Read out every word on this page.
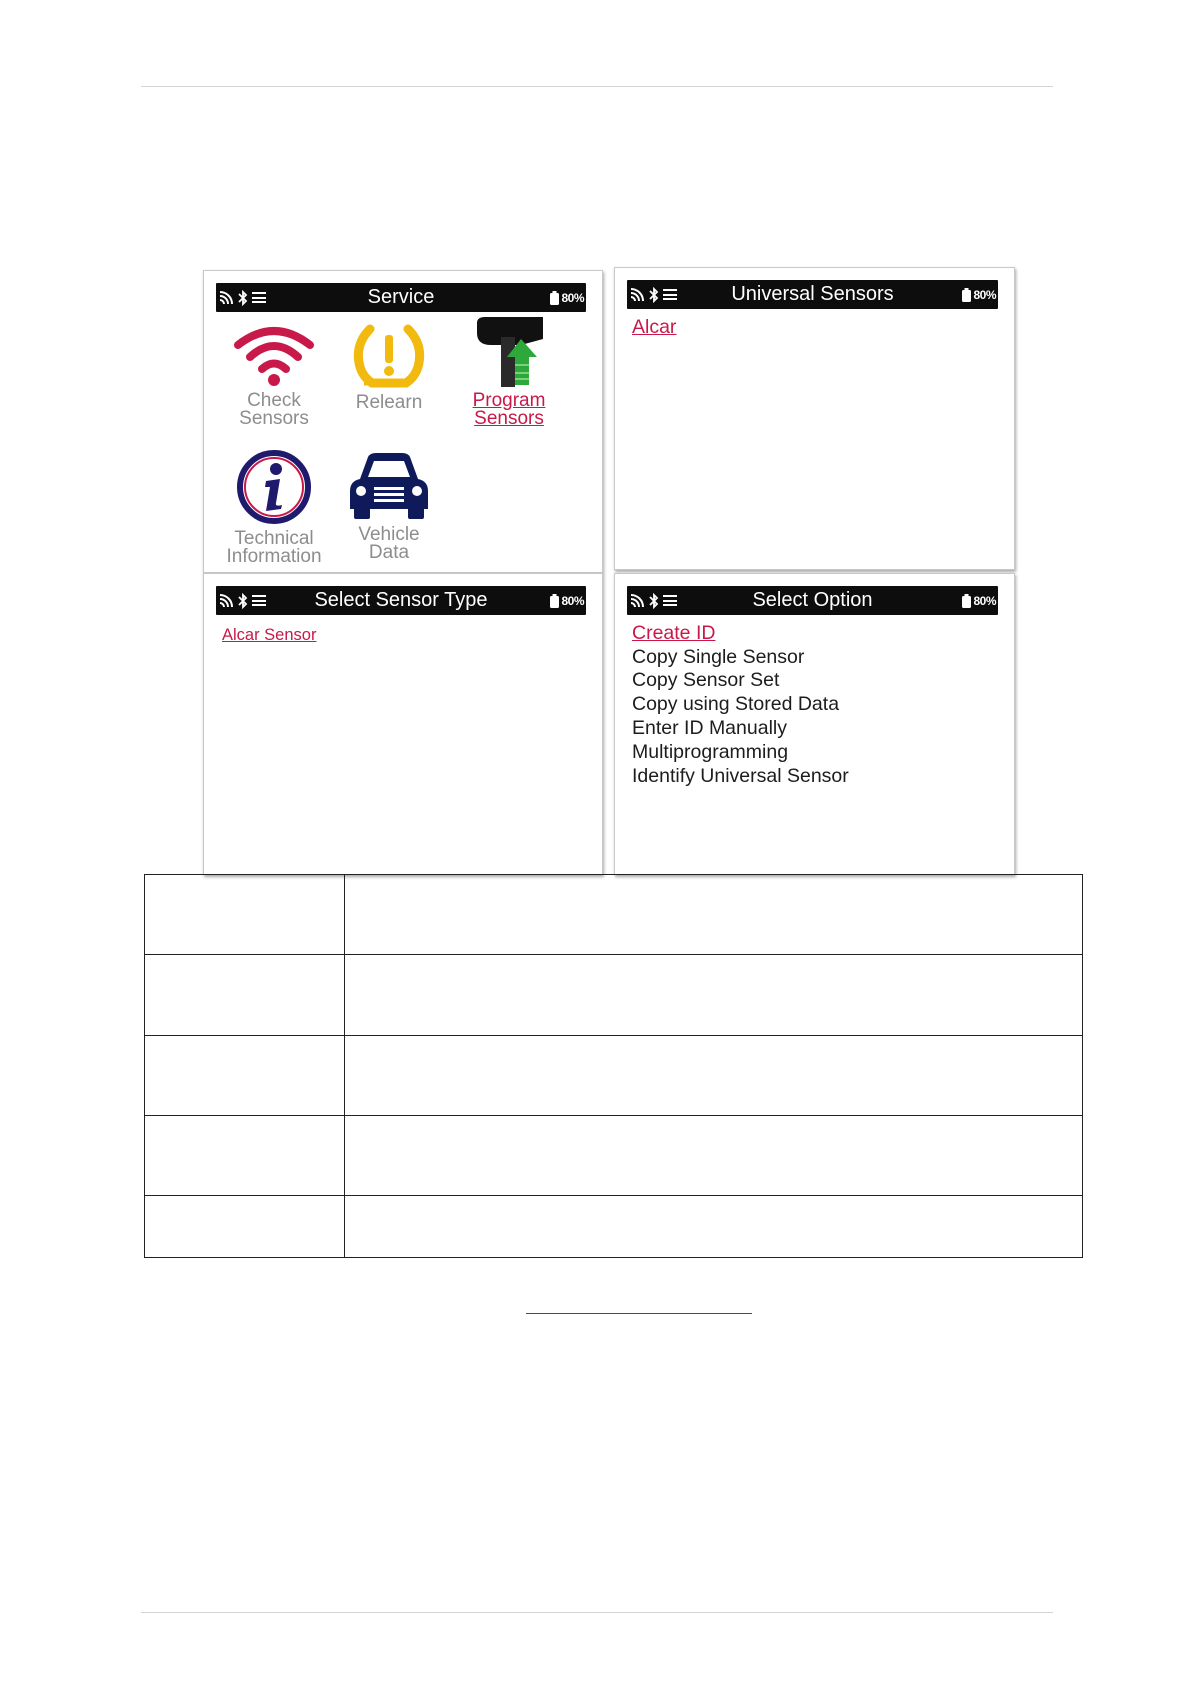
Service	80%
Check
Sensors
Relearn	Program
Sensors
Technical
Information
Vehicle
Data
Universal Sensors	80%
Alcar
Select Sensor Type	80%
Alcar Sensor
Select Option	80%
Create ID
Copy Single Sensor
Copy Sensor Set
Copy using Stored Data
Enter ID Manually
Multiprogramming
Identify Universal Sensor
